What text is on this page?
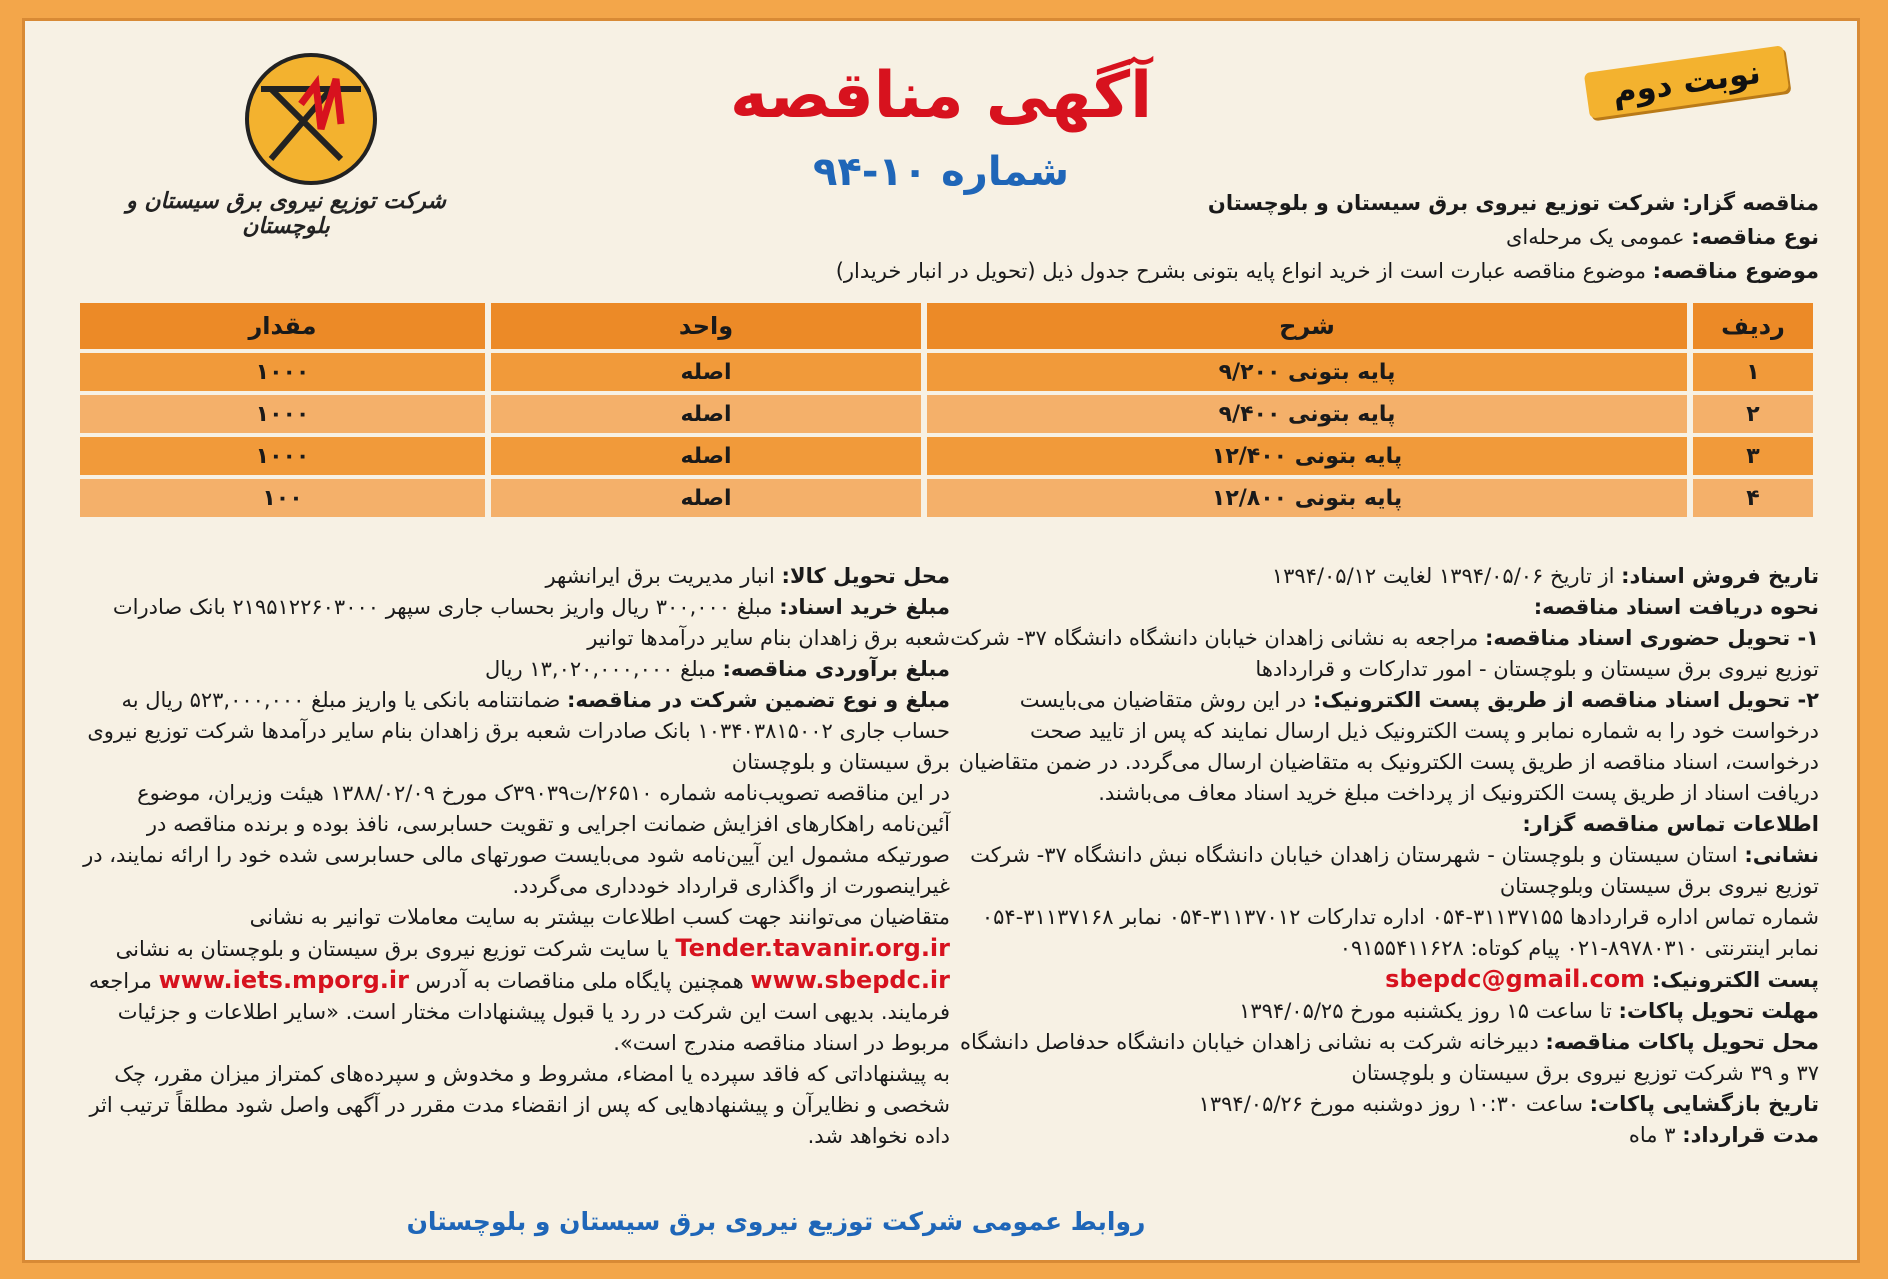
شرکت توزیع نیروی برق سیستان و بلوچستان
آگهی مناقصه
شماره ۱۰-۹۴
نوبت دوم
مناقصه گزار: شرکت توزیع نیروی برق سیستان و بلوچستان
نوع مناقصه: عمومی یک مرحله‌ای
موضوع مناقصه: موضوع مناقصه عبارت است از خرید انواع پایه بتونی بشرح جدول ذیل (تحویل در انبار خریدار)
ردیف	شرح	واحد	مقدار
۱	پایه بتونی ۹/۲۰۰	اصله	۱۰۰۰
۲	پایه بتونی ۹/۴۰۰	اصله	۱۰۰۰
۳	پایه بتونی ۱۲/۴۰۰	اصله	۱۰۰۰
۴	پایه بتونی ۱۲/۸۰۰	اصله	۱۰۰
تاریخ فروش اسناد: از تاریخ ۱۳۹۴/۰۵/۰۶ لغایت ۱۳۹۴/۰۵/۱۲
نحوه دریافت اسناد مناقصه:
۱- تحویل حضوری اسناد مناقصه: مراجعه به نشانی زاهدان خیابان دانشگاه دانشگاه ۳۷- شرکت توزیع نیروی برق سیستان و بلوچستان - امور تدارکات و قراردادها
۲- تحویل اسناد مناقصه از طریق پست الکترونیک: در این روش متقاضیان می‌بایست درخواست خود را به شماره نمابر و پست الکترونیک ذیل ارسال نمایند که پس از تایید صحت درخواست، اسناد مناقصه از طریق پست الکترونیک به متقاضیان ارسال می‌گردد. در ضمن متقاضیان دریافت اسناد از طریق پست الکترونیک از پرداخت مبلغ خرید اسناد معاف می‌باشند.
اطلاعات تماس مناقصه گزار:
نشانی: استان سیستان و بلوچستان - شهرستان زاهدان خیابان دانشگاه نبش دانشگاه ۳۷- شرکت توزیع نیروی برق سیستان وبلوچستان
شماره تماس اداره قراردادها ۳۱۱۳۷۱۵۵-۰۵۴ اداره تدارکات ۳۱۱۳۷۰۱۲-۰۵۴ نمابر ۳۱۱۳۷۱۶۸-۰۵۴ نمابر اینترنتی ۸۹۷۸۰۳۱۰-۰۲۱ پیام کوتاه: ۰۹۱۵۵۴۱۱۶۲۸
پست الکترونیک: sbepdc@gmail.com
مهلت تحویل پاکات: تا ساعت ۱۵ روز یکشنبه مورخ ۱۳۹۴/۰۵/۲۵
محل تحویل پاکات مناقصه: دبیرخانه شرکت به نشانی زاهدان خیابان دانشگاه حدفاصل دانشگاه ۳۷ و ۳۹ شرکت توزیع نیروی برق سیستان و بلوچستان
تاریخ بازگشایی پاکات: ساعت ۱۰:۳۰ روز دوشنبه مورخ ۱۳۹۴/۰۵/۲۶
مدت قرارداد: ۳ ماه
محل تحویل کالا: انبار مدیریت برق ایرانشهر
مبلغ خرید اسناد: مبلغ ۳۰۰,۰۰۰ ریال واریز بحساب جاری سپهر ۲۱۹۵۱۲۲۶۰۳۰۰۰ بانک صادرات شعبه برق زاهدان بنام سایر درآمدها توانیر
مبلغ برآوردی مناقصه: مبلغ ۱۳,۰۲۰,۰۰۰,۰۰۰ ریال
مبلغ و نوع تضمین شرکت در مناقصه: ضمانتنامه بانکی یا واریز مبلغ ۵۲۳,۰۰۰,۰۰۰ ریال به حساب جاری ۱۰۳۴۰۳۸۱۵۰۰۲ بانک صادرات شعبه برق زاهدان بنام سایر درآمدها شرکت توزیع نیروی برق سیستان و بلوچستان
در این مناقصه تصویب‌نامه شماره ۲۶۵۱۰/ت۳۹۰۳۹ک مورخ ۱۳۸۸/۰۲/۰۹ هیئت وزیران، موضوع آئین‌نامه راهکارهای افزایش ضمانت اجرایی و تقویت حسابرسی، نافذ بوده و برنده مناقصه در صورتیکه مشمول این آیین‌نامه شود می‌بایست صورتهای مالی حسابرسی شده خود را ارائه نمایند، در غیراینصورت از واگذاری قرارداد خودداری می‌گردد.
متقاضیان می‌توانند جهت کسب اطلاعات بیشتر به سایت معاملات توانیر به نشانی Tender.tavanir.org.ir یا سایت شرکت توزیع نیروی برق سیستان و بلوچستان به نشانی www.sbepdc.ir همچنین پایگاه ملی مناقصات به آدرس www.iets.mporg.ir مراجعه فرمایند. بدیهی است این شرکت در رد یا قبول پیشنهادات مختار است. «سایر اطلاعات و جزئیات مربوط در اسناد مناقصه مندرج است».
به پیشنهاداتی که فاقد سپرده یا امضاء، مشروط و مخدوش و سپرده‌های کمتراز میزان مقرر، چک شخصی و نظایرآن و پیشنهادهایی که پس از انقضاء مدت مقرر در آگهی واصل شود مطلقاً ترتیب اثر داده نخواهد شد.
روابط عمومی شرکت توزیع نیروی برق سیستان و بلوچستان
